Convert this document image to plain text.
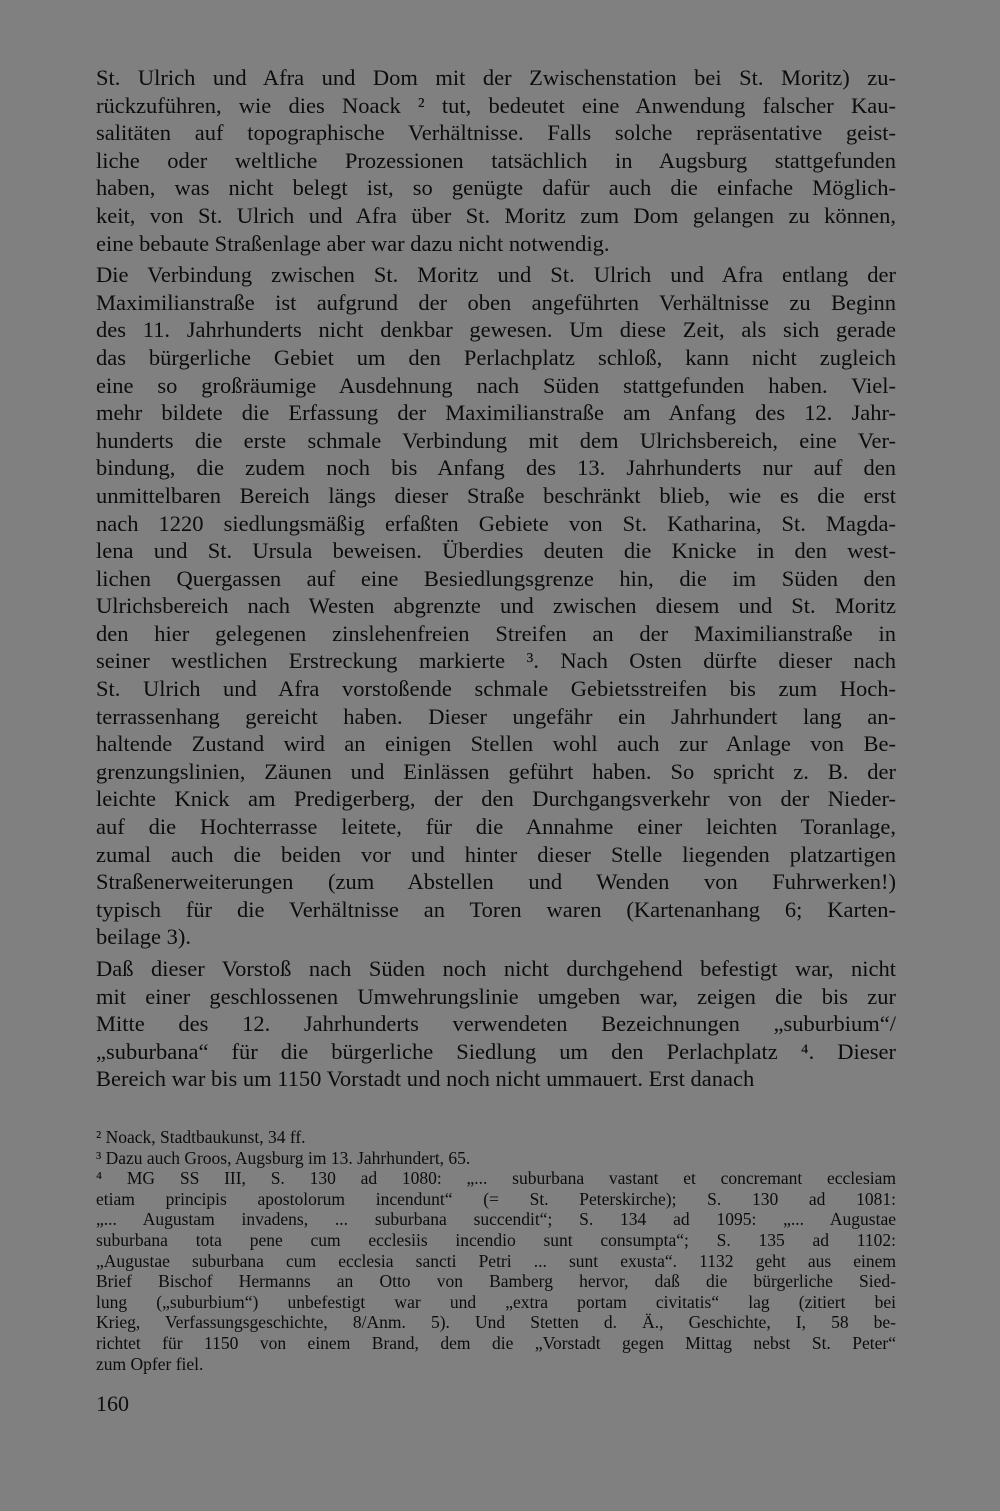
St. Ulrich und Afra und Dom mit der Zwischenstation bei St. Moritz) zu-
rückzuführen, wie dies Noack ² tut, bedeutet eine Anwendung falscher Kau-
salitäten auf topographische Verhältnisse. Falls solche repräsentative geist-
liche oder weltliche Prozessionen tatsächlich in Augsburg stattgefunden
haben, was nicht belegt ist, so genügte dafür auch die einfache Möglich-
keit, von St. Ulrich und Afra über St. Moritz zum Dom gelangen zu können,
eine bebaute Straßenlage aber war dazu nicht notwendig.
Die Verbindung zwischen St. Moritz und St. Ulrich und Afra entlang der
Maximilianstraße ist aufgrund der oben angeführten Verhältnisse zu Beginn
des 11. Jahrhunderts nicht denkbar gewesen. Um diese Zeit, als sich gerade
das bürgerliche Gebiet um den Perlachplatz schloß, kann nicht zugleich
eine so großräumige Ausdehnung nach Süden stattgefunden haben. Viel-
mehr bildete die Erfassung der Maximilianstraße am Anfang des 12. Jahr-
hunderts die erste schmale Verbindung mit dem Ulrichsbereich, eine Ver-
bindung, die zudem noch bis Anfang des 13. Jahrhunderts nur auf den
unmittelbaren Bereich längs dieser Straße beschränkt blieb, wie es die erst
nach 1220 siedlungsmäßig erfaßten Gebiete von St. Katharina, St. Magda-
lena und St. Ursula beweisen. Überdies deuten die Knicke in den west-
lichen Quergassen auf eine Besiedlungsgrenze hin, die im Süden den
Ulrichsbereich nach Westen abgrenzte und zwischen diesem und St. Moritz
den hier gelegenen zinslehenfreien Streifen an der Maximilianstraße in
seiner westlichen Erstreckung markierte ³. Nach Osten dürfte dieser nach
St. Ulrich und Afra vorstoßende schmale Gebietsstreifen bis zum Hoch-
terrassenhang gereicht haben. Dieser ungefähr ein Jahrhundert lang an-
haltende Zustand wird an einigen Stellen wohl auch zur Anlage von Be-
grenzungslinien, Zäunen und Einlässen geführt haben. So spricht z. B. der
leichte Knick am Predigerberg, der den Durchgangsverkehr von der Nieder-
auf die Hochterrasse leitete, für die Annahme einer leichten Toranlage,
zumal auch die beiden vor und hinter dieser Stelle liegenden platzartigen
Straßenerweiterungen (zum Abstellen und Wenden von Fuhrwerken!)
typisch für die Verhältnisse an Toren waren (Kartenanhang 6; Karten-
beilage 3).
Daß dieser Vorstoß nach Süden noch nicht durchgehend befestigt war, nicht
mit einer geschlossenen Umwehrungslinie umgeben war, zeigen die bis zur
Mitte des 12. Jahrhunderts verwendeten Bezeichnungen „suburbium“/
„suburbana“ für die bürgerliche Siedlung um den Perlachplatz ⁴. Dieser
Bereich war bis um 1150 Vorstadt und noch nicht ummauert. Erst danach
² Noack, Stadtbaukunst, 34 ff.
³ Dazu auch Groos, Augsburg im 13. Jahrhundert, 65.
⁴ MG SS III, S. 130 ad 1080: „... suburbana vastant et concremant ecclesiam
etiam principis apostolorum incendunt“ (= St. Peterskirche); S. 130 ad 1081:
„... Augustam invadens, ... suburbana succendit“; S. 134 ad 1095: „... Augustae
suburbana tota pene cum ecclesiis incendio sunt consumpta“; S. 135 ad 1102:
„Augustae suburbana cum ecclesia sancti Petri ... sunt exusta“. 1132 geht aus einem
Brief Bischof Hermanns an Otto von Bamberg hervor, daß die bürgerliche Sied-
lung („suburbium“) unbefestigt war und „extra portam civitatis“ lag (zitiert bei
Krieg, Verfassungsgeschichte, 8/Anm. 5). Und Stetten d. Ä., Geschichte, I, 58 be-
richtet für 1150 von einem Brand, dem die „Vorstadt gegen Mittag nebst St. Peter“
zum Opfer fiel.
160
